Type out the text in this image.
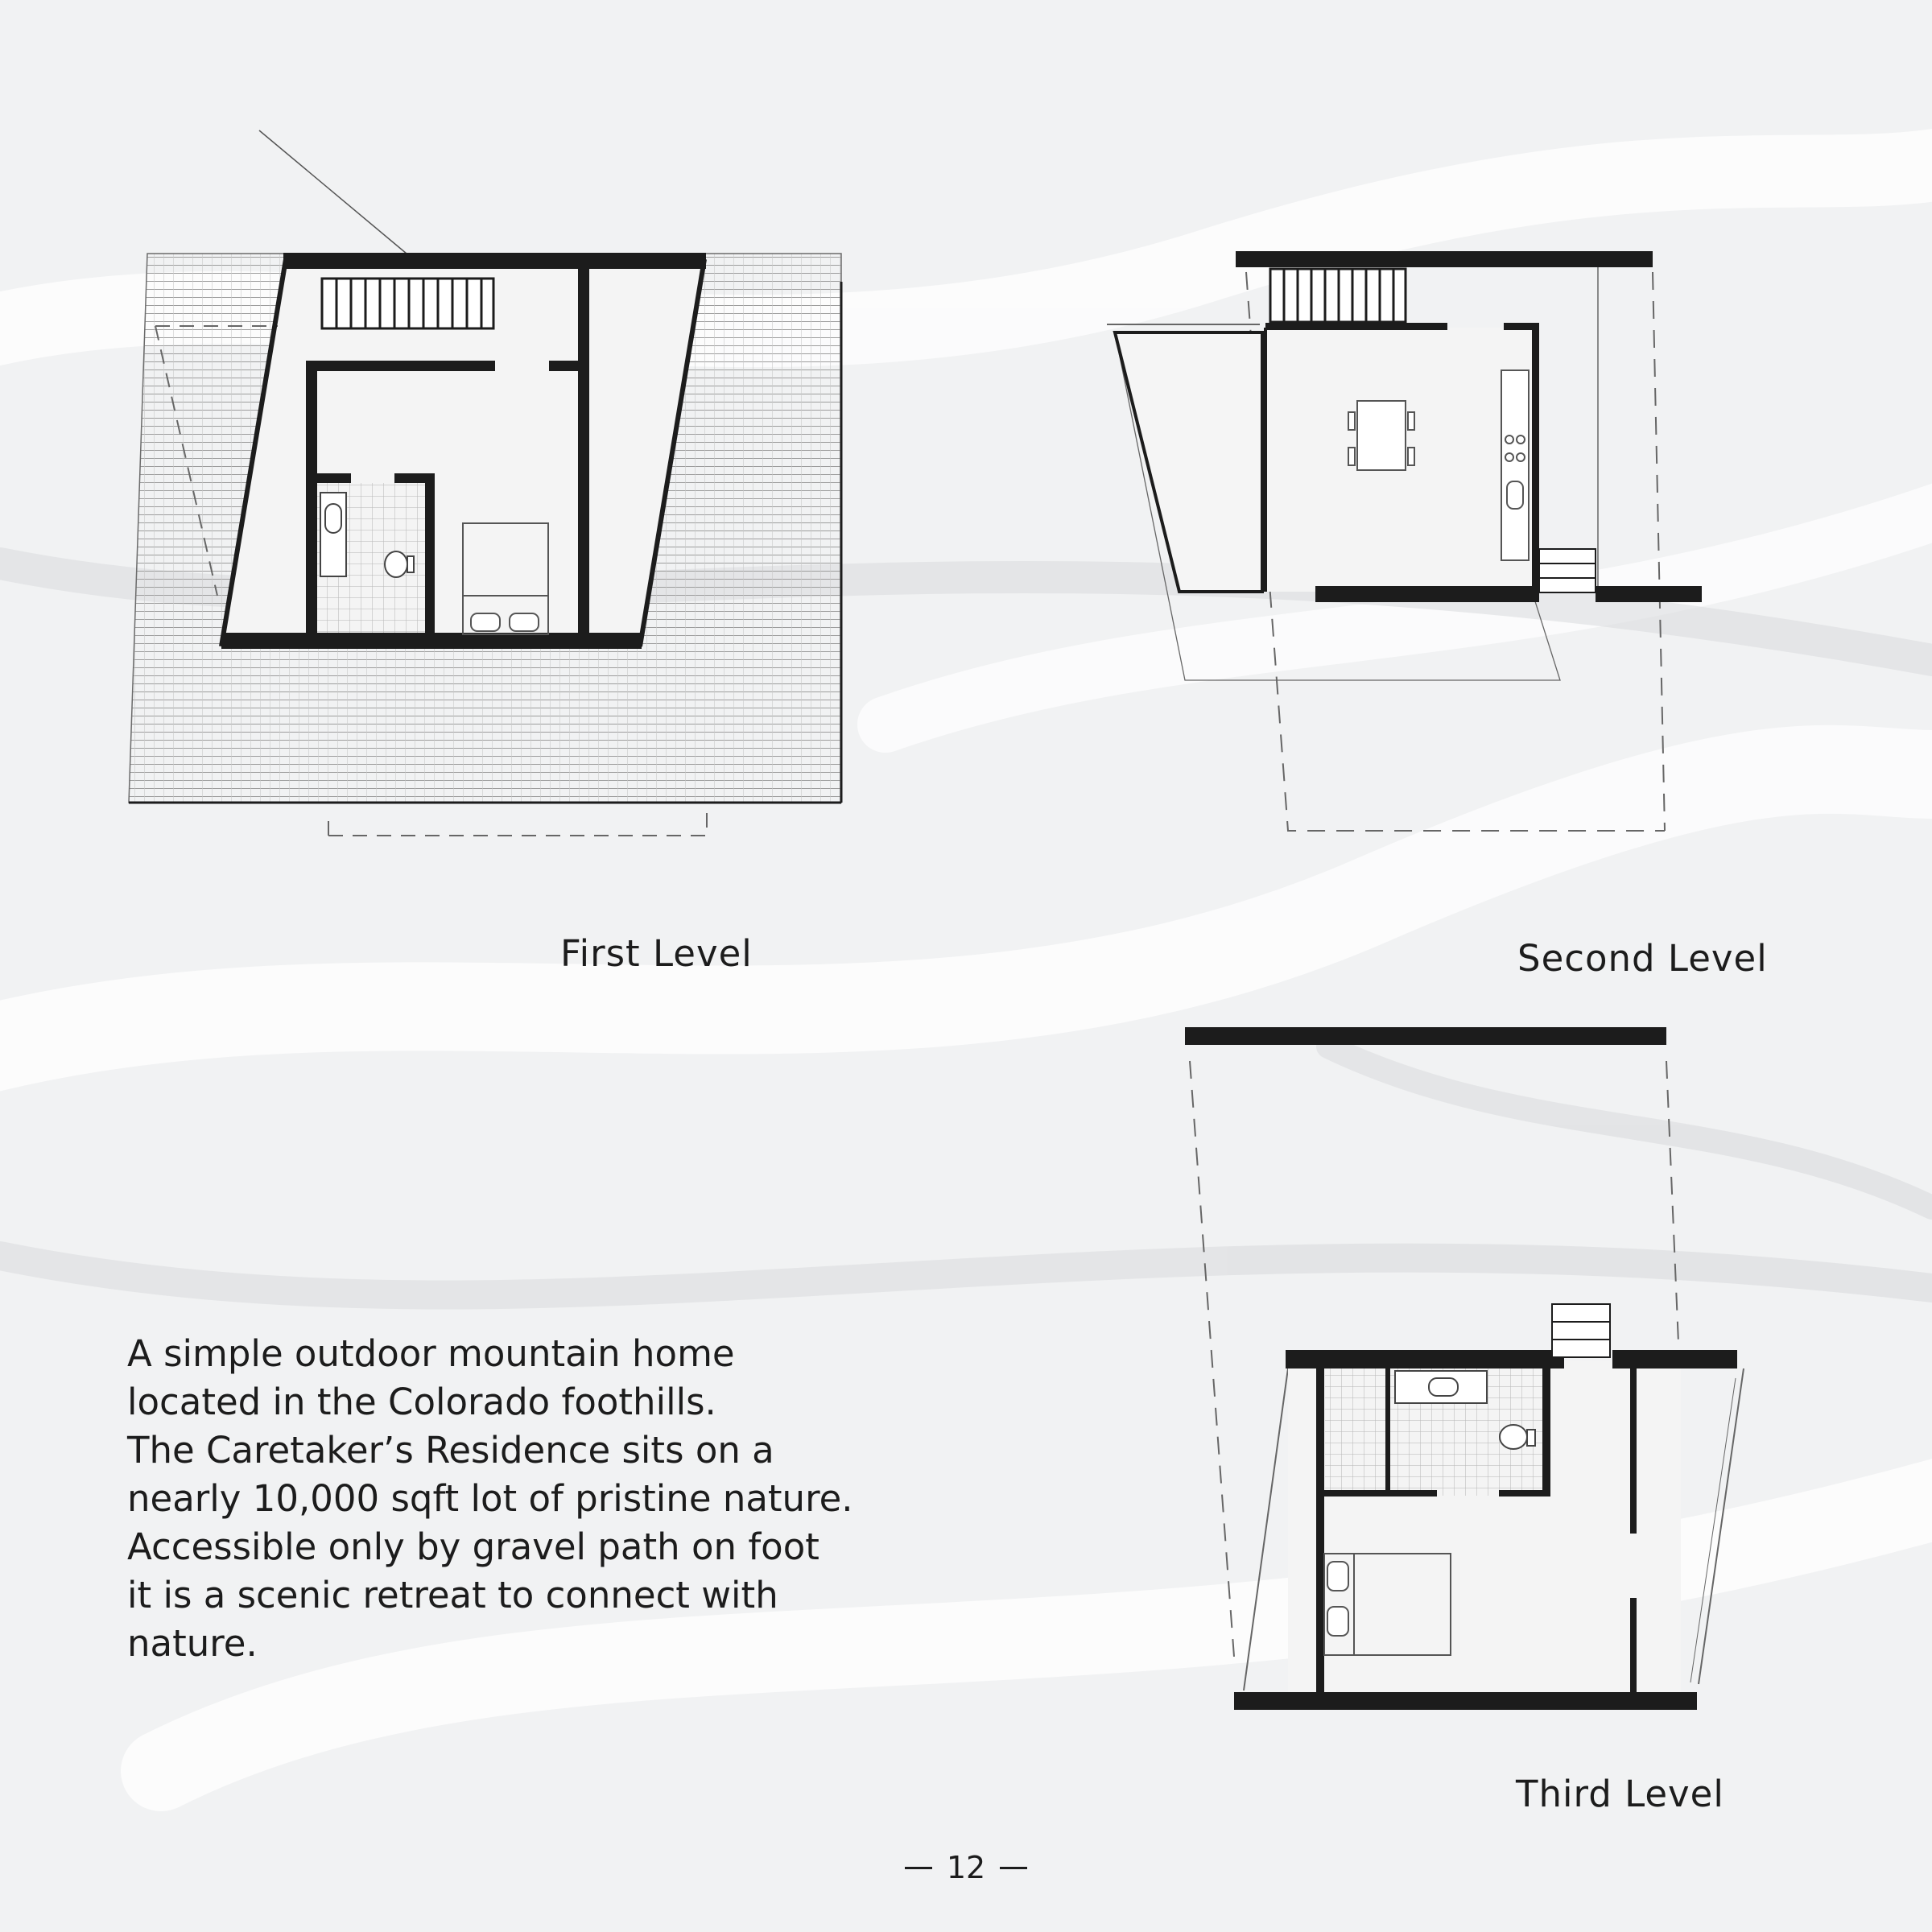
First Level	Second Level
Third Level
A simple outdoor mountain home
located in the Colorado foothills.
The Caretaker’s Residence sits on a
nearly 10,000 sqft lot of pristine nature.
Accessible only by gravel path on foot
it is a scenic retreat to connect with
nature.
12
